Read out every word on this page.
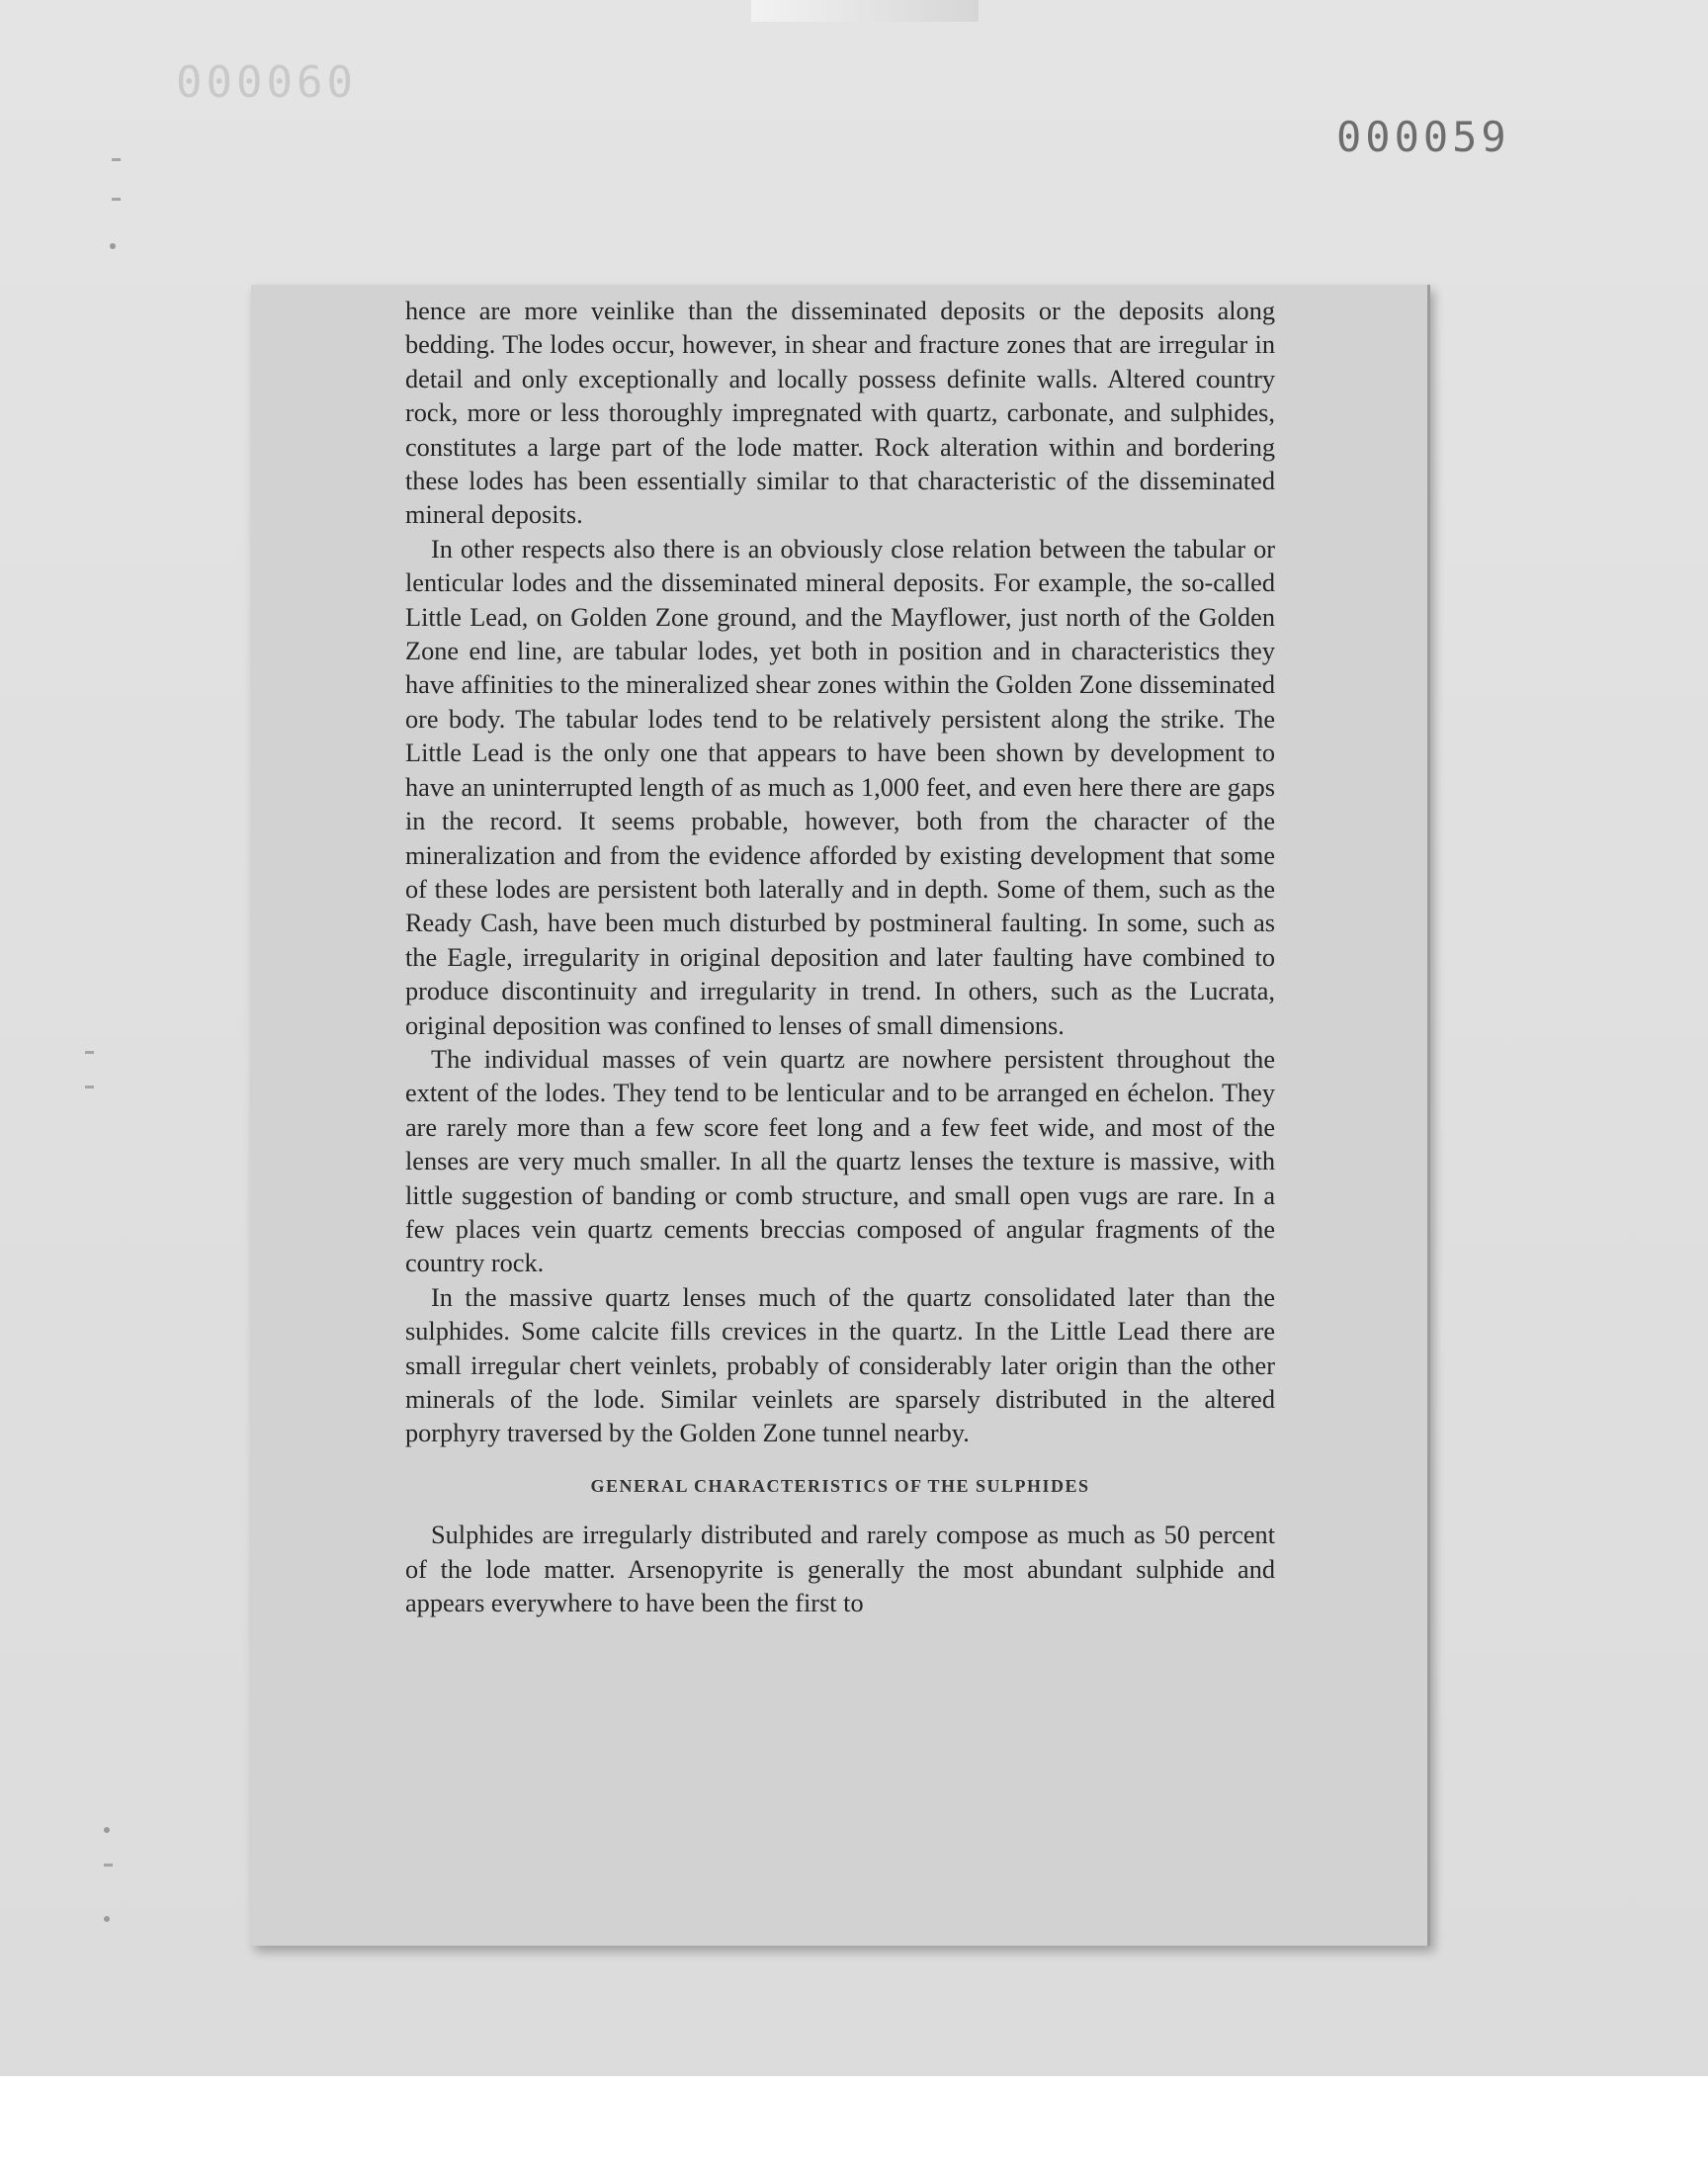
000060
000059

hence are more veinlike than the disseminated deposits or the deposits along bedding. The lodes occur, however, in shear and fracture zones that are irregular in detail and only exceptionally and locally possess definite walls. Altered country rock, more or less thoroughly impregnated with quartz, carbonate, and sulphides, constitutes a large part of the lode matter. Rock alteration within and bordering these lodes has been essentially similar to that characteristic of the disseminated mineral deposits.

In other respects also there is an obviously close relation between the tabular or lenticular lodes and the disseminated mineral deposits. For example, the so-called Little Lead, on Golden Zone ground, and the Mayflower, just north of the Golden Zone end line, are tabular lodes, yet both in position and in characteristics they have affinities to the mineralized shear zones within the Golden Zone disseminated ore body. The tabular lodes tend to be relatively persistent along the strike. The Little Lead is the only one that appears to have been shown by development to have an uninterrupted length of as much as 1,000 feet, and even here there are gaps in the record. It seems probable, however, both from the character of the mineralization and from the evidence afforded by existing development that some of these lodes are persistent both laterally and in depth. Some of them, such as the Ready Cash, have been much disturbed by postmineral faulting. In some, such as the Eagle, irregularity in original deposition and later faulting have combined to produce discontinuity and irregularity in trend. In others, such as the Lucrata, original deposition was confined to lenses of small dimensions.

The individual masses of vein quartz are nowhere persistent throughout the extent of the lodes. They tend to be lenticular and to be arranged en échelon. They are rarely more than a few score feet long and a few feet wide, and most of the lenses are very much smaller. In all the quartz lenses the texture is massive, with little suggestion of banding or comb structure, and small open vugs are rare. In a few places vein quartz cements breccias composed of angular fragments of the country rock.

In the massive quartz lenses much of the quartz consolidated later than the sulphides. Some calcite fills crevices in the quartz. In the Little Lead there are small irregular chert veinlets, probably of considerably later origin than the other minerals of the lode. Similar veinlets are sparsely distributed in the altered porphyry traversed by the Golden Zone tunnel nearby.

GENERAL CHARACTERISTICS OF THE SULPHIDES

Sulphides are irregularly distributed and rarely compose as much as 50 percent of the lode matter. Arsenopyrite is generally the most abundant sulphide and appears everywhere to have been the first to
